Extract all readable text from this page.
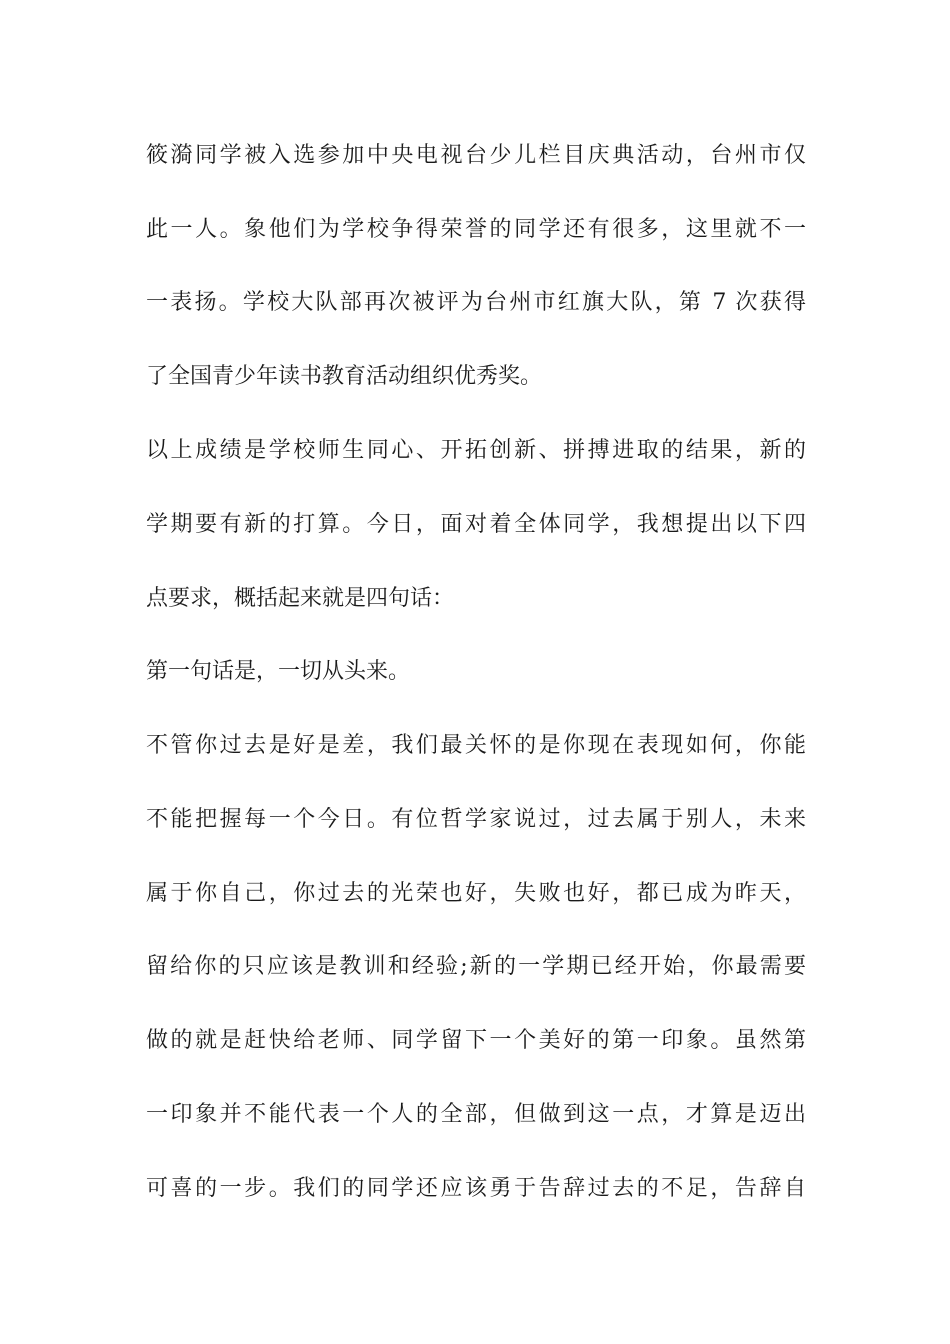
筱漪同学被入选参加中央电视台少儿栏目庆典活动，台州市仅
此一人。象他们为学校争得荣誉的同学还有很多，这里就不一
一表扬。学校大队部再次被评为台州市红旗大队，第 7 次获得
了全国青少年读书教育活动组织优秀奖。
以上成绩是学校师生同心、开拓创新、拼搏进取的结果，新的
学期要有新的打算。今日，面对着全体同学，我想提出以下四
点要求，概括起来就是四句话：
第一句话是，一切从头来。
不管你过去是好是差，我们最关怀的是你现在表现如何，你能
不能把握每一个今日。有位哲学家说过，过去属于别人，未来
属于你自己，你过去的光荣也好，失败也好，都已成为昨天，
留给你的只应该是教训和经验;新的一学期已经开始，你最需要
做的就是赶快给老师、同学留下一个美好的第一印象。虽然第
一印象并不能代表一个人的全部，但做到这一点，才算是迈出
可喜的一步。我们的同学还应该勇于告辞过去的不足，告辞自
